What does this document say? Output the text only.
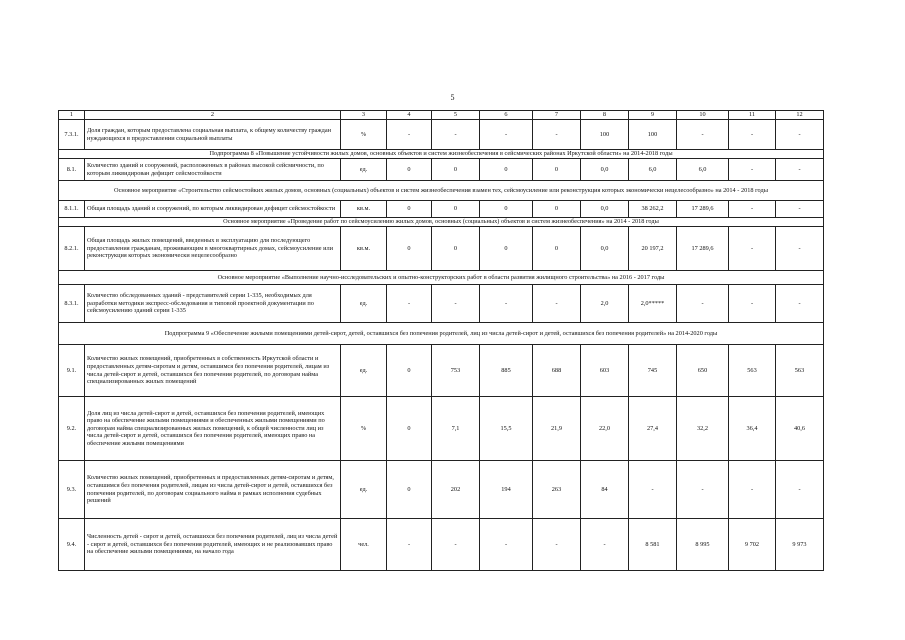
5
1	2	3	4	5	6	7	8	9	10	11	12
7.3.1.	Доля граждан, которым предоставлена социальная выплата, к общему количеству граждан нуждающихся в предоставлении социальной выплаты	%	-	-	-	-	100	100	-	-	-
Подпрограмма 8 «Повышение устойчивости жилых домов, основных объектов и систем жизнеобеспечения в сейсмических районах Иркутской области» на 2014-2018 годы											
8.1.	Количество зданий и сооружений, расположенных в районах высокой сейсмичности, по которым ликвидирован дефицит сейсмостойкости	ед.	0	0	0	0	0,0	6,0	6,0	-	-
Основное мероприятие «Строительство сейсмостойких жилых домов, основных (социальных) объектов и систем жизнеобеспечения взамен тех, сейсмоусиление или реконструкция которых экономически нецелесообразно» на 2014 - 2018 годы											
8.1.1.	Общая площадь зданий и сооружений, по которым ликвидирован дефицит сейсмостойкости	кв.м.	0	0	0	0	0,0	38 262,2	17 289,6	-	-
Основное мероприятие «Проведение работ по сейсмоусилению жилых домов, основных (социальных) объектов и систем жизнеобеспечения» на 2014 - 2018 годы											
8.2.1.	Общая площадь жилых помещений, введенных в эксплуатацию для последующего предоставления гражданам, проживающим в многоквартирных домах, сейсмоусиление или реконструкция которых экономически нецелесообразно	кв.м.	0	0	0	0	0,0	20 197,2	17 289,6	-	-
Основное мероприятие «Выполнение научно-исследовательских и опытно-конструкторских работ в области развития жилищного строительства» на 2016 - 2017 годы											
8.3.1.	Количество обследованных зданий - представителей серии 1-335, необходимых для разработки методики экспресс-обследования и типовой проектной документации по сейсмоусилению зданий серии 1-335	ед.	-	-	-	-	2,0	2,0*****	-	-	-
Подпрограмма 9 «Обеспечение жилыми помещениями детей-сирот, детей, оставшихся без попечения родителей, лиц из числа детей-сирот и детей, оставшихся без попечения родителей» на 2014-2020 годы											
9.1.	Количество жилых помещений, приобретенных в собственность Иркутской области и предоставленных детям-сиротам и детям, оставшимся без попечения родителей, лицам из числа детей-сирот и детей, оставшихся без попечения родителей, по договорам найма специализированных жилых помещений	ед.	0	753	885	688	603	745	650	563	563
9.2.	Доля лиц из числа детей-сирот и детей, оставшихся без попечения родителей, имеющих право на обеспечение жилыми помещениями и обеспеченных жилыми помещениями по договорам найма специализированных жилых помещений, к общей численности лиц из числа детей-сирот и детей, оставшихся без попечения родителей, имеющих право на обеспечение жилыми помещениями	%	0	7,1	15,5	21,9	22,0	27,4	32,2	36,4	40,6
9.3.	Количество жилых помещений, приобретенных и предоставленных детям-сиротам и детям, оставшимся без попечения родителей, лицам из числа детей-сирот и детей, оставшихся без попечения родителей, по договорам социального найма в рамках исполнения судебных решений	ед.	0	202	194	263	84	-	-	-	-
9.4.	Численность детей - сирот и детей, оставшихся без попечения родителей, лиц из числа детей - сирот и детей, оставшихся без попечения родителей, имеющих и не реализовавших право на обеспечение жилыми помещениями, на начало года	чел.	-	-	-	-	-	8 581	8 995	9 702	9 973
